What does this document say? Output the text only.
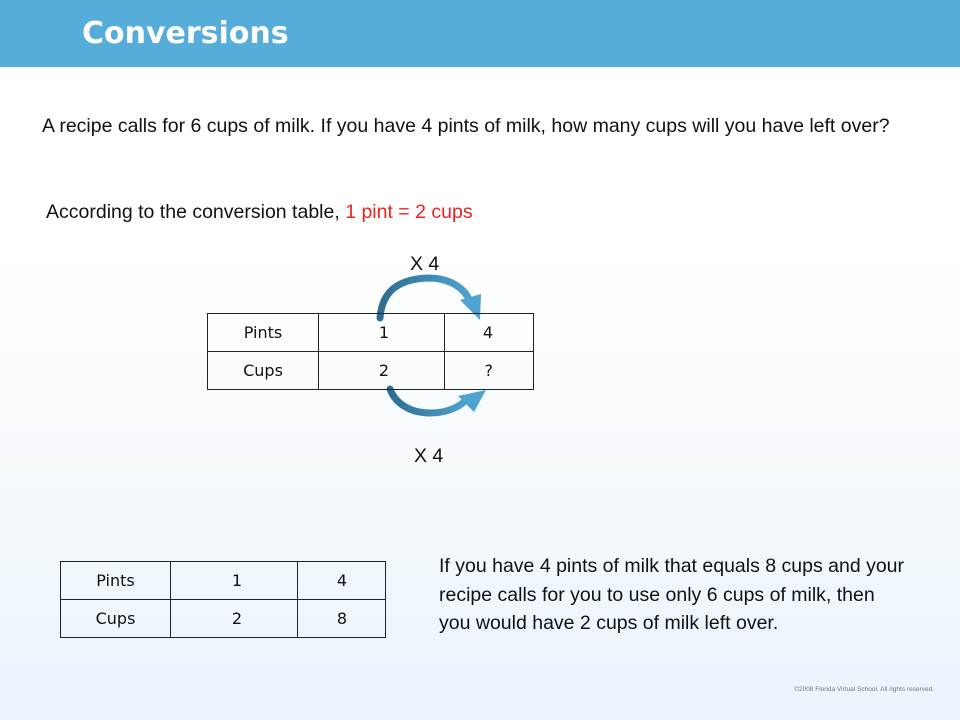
Conversions
A recipe calls for 6 cups of milk. If you have 4 pints of milk, how many cups will you have left over?
According to the conversion table, 1 pint = 2 cups
X 4
Pints	1	4
Cups	2	?
X 4
Pints	1	4
Cups	2	8
If you have 4 pints of milk that equals 8 cups and your recipe calls for you to use only 6 cups of milk, then you would have 2 cups of milk left over.
©2008 Florida Virtual School. All rights reserved.
